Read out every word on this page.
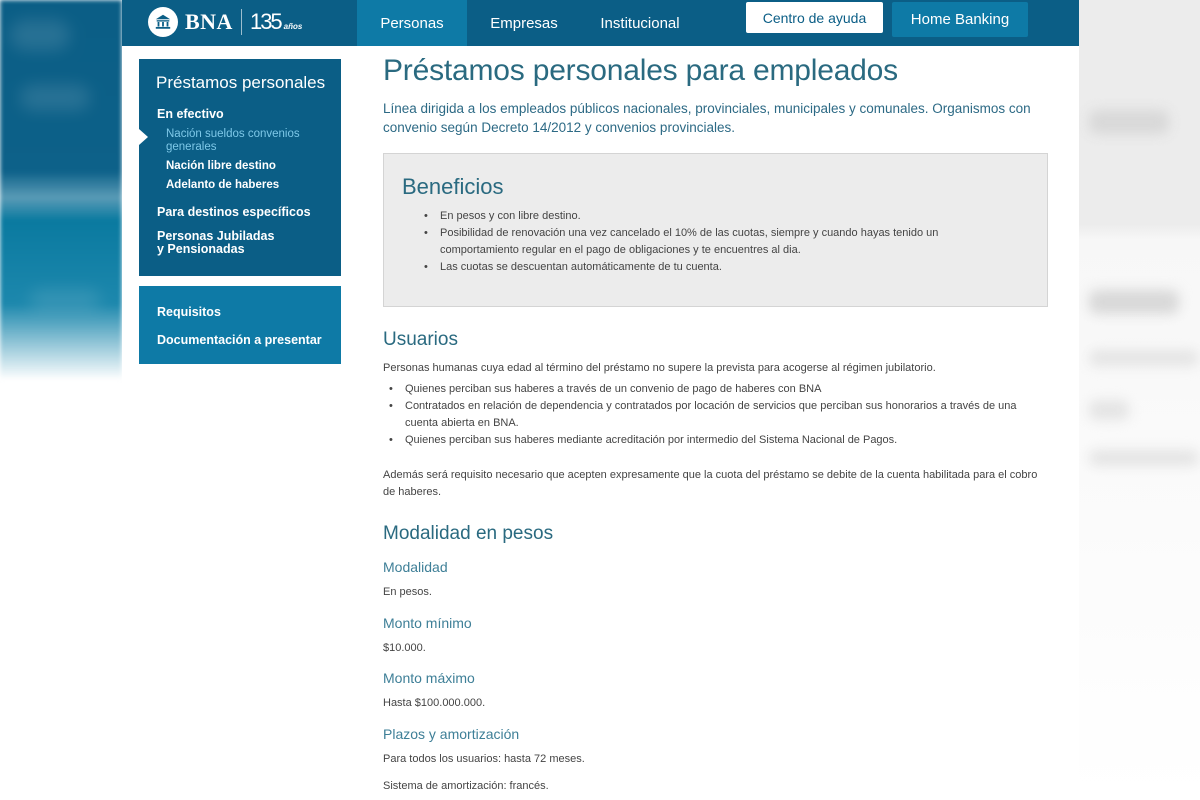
BNA 135 años	Personas	Empresas	Institucional	Centro de ayuda	Home Banking
Préstamos personales
En efectivo
Nación sueldos convenios generales
Nación libre destino
Adelanto de haberes
Para destinos específicos
Personas Jubiladas y Pensionadas
Requisitos
Documentación a presentar
Préstamos personales para empleados

Línea dirigida a los empleados públicos nacionales, provinciales, municipales y comunales. Organismos con convenio según Decreto 14/2012 y convenios provinciales.

Beneficios
• En pesos y con libre destino.
• Posibilidad de renovación una vez cancelado el 10% de las cuotas, siempre y cuando hayas tenido un comportamiento regular en el pago de obligaciones y te encuentres al dia.
• Las cuotas se descuentan automáticamente de tu cuenta.
Usuarios

Personas humanas cuya edad al término del préstamo no supere la prevista para acogerse al régimen jubilatorio.

• Quienes perciban sus haberes a través de un convenio de pago de haberes con BNA
• Contratados en relación de dependencia y contratados por locación de servicios que perciban sus honorarios a través de una cuenta abierta en BNA.
• Quienes perciban sus haberes mediante acreditación por intermedio del Sistema Nacional de Pagos.

Además será requisito necesario que acepten expresamente que la cuota del préstamo se debite de la cuenta habilitada para el cobro de haberes.

Modalidad en pesos
Modalidad

En pesos.

Monto mínimo

$10.000.

Monto máximo

Hasta $100.000.000.

Plazos y amortización

Para todos los usuarios: hasta 72 meses.

Sistema de amortización: francés.
